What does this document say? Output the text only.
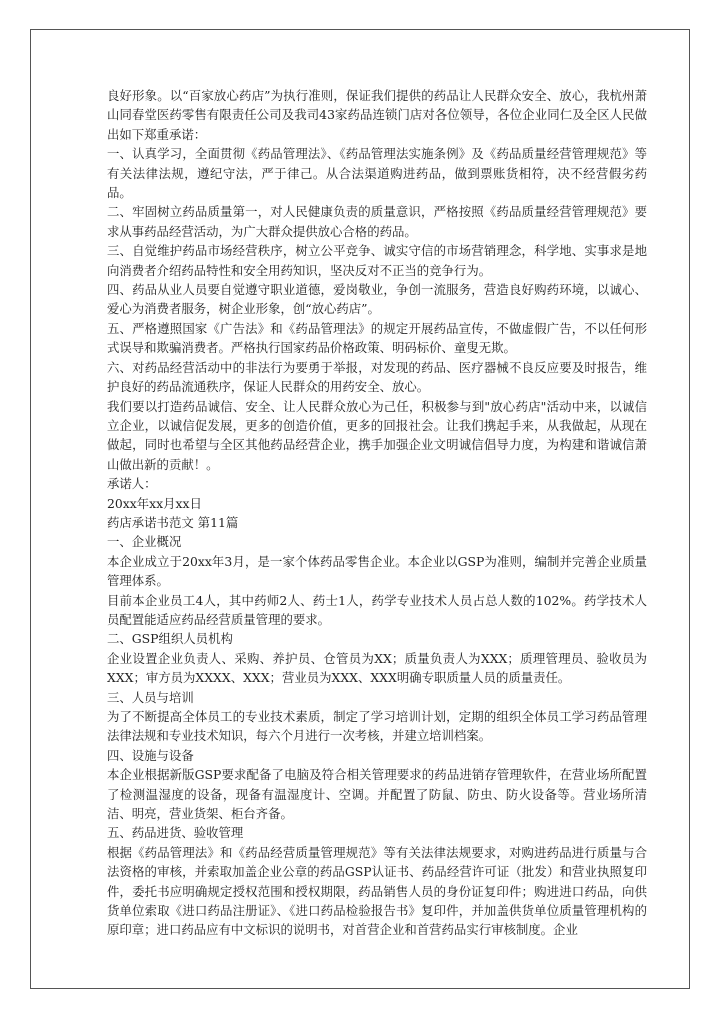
良好形象。以“百家放心药店”为执行准则，保证我们提供的药品让人民群众安全、放心，我杭州萧山同春堂医药零售有限责任公司及我司43家药品连锁门店对各位领导，各位企业同仁及全区人民做出如下郑重承诺：

一、认真学习，全面贯彻《药品管理法》、《药品管理法实施条例》及《药品质量经营管理规范》等有关法律法规，遵纪守法，严于律己。从合法渠道购进药品，做到票账货相符，决不经营假劣药品。

二、牢固树立药品质量第一，对人民健康负责的质量意识，严格按照《药品质量经营管理规范》要求从事药品经营活动，为广大群众提供放心合格的药品。

三、自觉维护药品市场经营秩序，树立公平竞争、诚实守信的市场营销理念，科学地、实事求是地向消费者介绍药品特性和安全用药知识，坚决反对不正当的竞争行为。

四、药品从业人员要自觉遵守职业道德，爱岗敬业，争创一流服务，营造良好购药环境，以诚心、爱心为消费者服务，树企业形象，创“放心药店”。

五、严格遵照国家《广告法》和《药品管理法》的规定开展药品宣传，不做虚假广告，不以任何形式误导和欺骗消费者。严格执行国家药品价格政策、明码标价、童叟无欺。

六、对药品经营活动中的非法行为要勇于举报，对发现的药品、医疗器械不良反应要及时报告，维护良好的药品流通秩序，保证人民群众的用药安全、放心。

我们要以打造药品诚信、安全、让人民群众放心为己任，积极参与到"放心药店"活动中来，以诚信立企业，以诚信促发展，更多的创造价值，更多的回报社会。让我们携起手来，从我做起，从现在做起，同时也希望与全区其他药品经营企业，携手加强企业文明诚信倡导力度，为构建和谐诚信萧山做出新的贡献！。

承诺人：

20xx年xx月xx日

药店承诺书范文 第11篇

一、企业概况

本企业成立于20xx年3月，是一家个体药品零售企业。本企业以GSP为准则，编制并完善企业质量管理体系。

目前本企业员工4人，其中药师2人、药士1人，药学专业技术人员占总人数的102%。药学技术人员配置能适应药品经营质量管理的要求。

二、GSP组织人员机构

企业设置企业负责人、采购、养护员、仓管员为XX；质量负责人为XXX；质理管理员、验收员为XXX；审方员为XXXX、XXX；营业员为XXX、XXX明确专职质量人员的质量责任。

三、人员与培训

为了不断提高全体员工的专业技术素质，制定了学习培训计划，定期的组织全体员工学习药品管理法律法规和专业技术知识，每六个月进行一次考核，并建立培训档案。

四、设施与设备

本企业根据新版GSP要求配备了电脑及符合相关管理要求的药品进销存管理软件，在营业场所配置了检测温湿度的设备，现备有温湿度计、空调。并配置了防鼠、防虫、防火设备等。营业场所清洁、明亮，营业货架、柜台齐备。

五、药品进货、验收管理

根据《药品管理法》和《药品经营质量管理规范》等有关法律法规要求，对购进药品进行质量与合法资格的审核，并索取加盖企业公章的药品GSP认证书、药品经营许可证（批发）和营业执照复印件，委托书应明确规定授权范围和授权期限，药品销售人员的身份证复印件；购进进口药品，向供货单位索取《进口药品注册证》、《进口药品检验报告书》复印件，并加盖供货单位质量管理机构的原印章；进口药品应有中文标识的说明书，对首营企业和首营药品实行审核制度。企业
